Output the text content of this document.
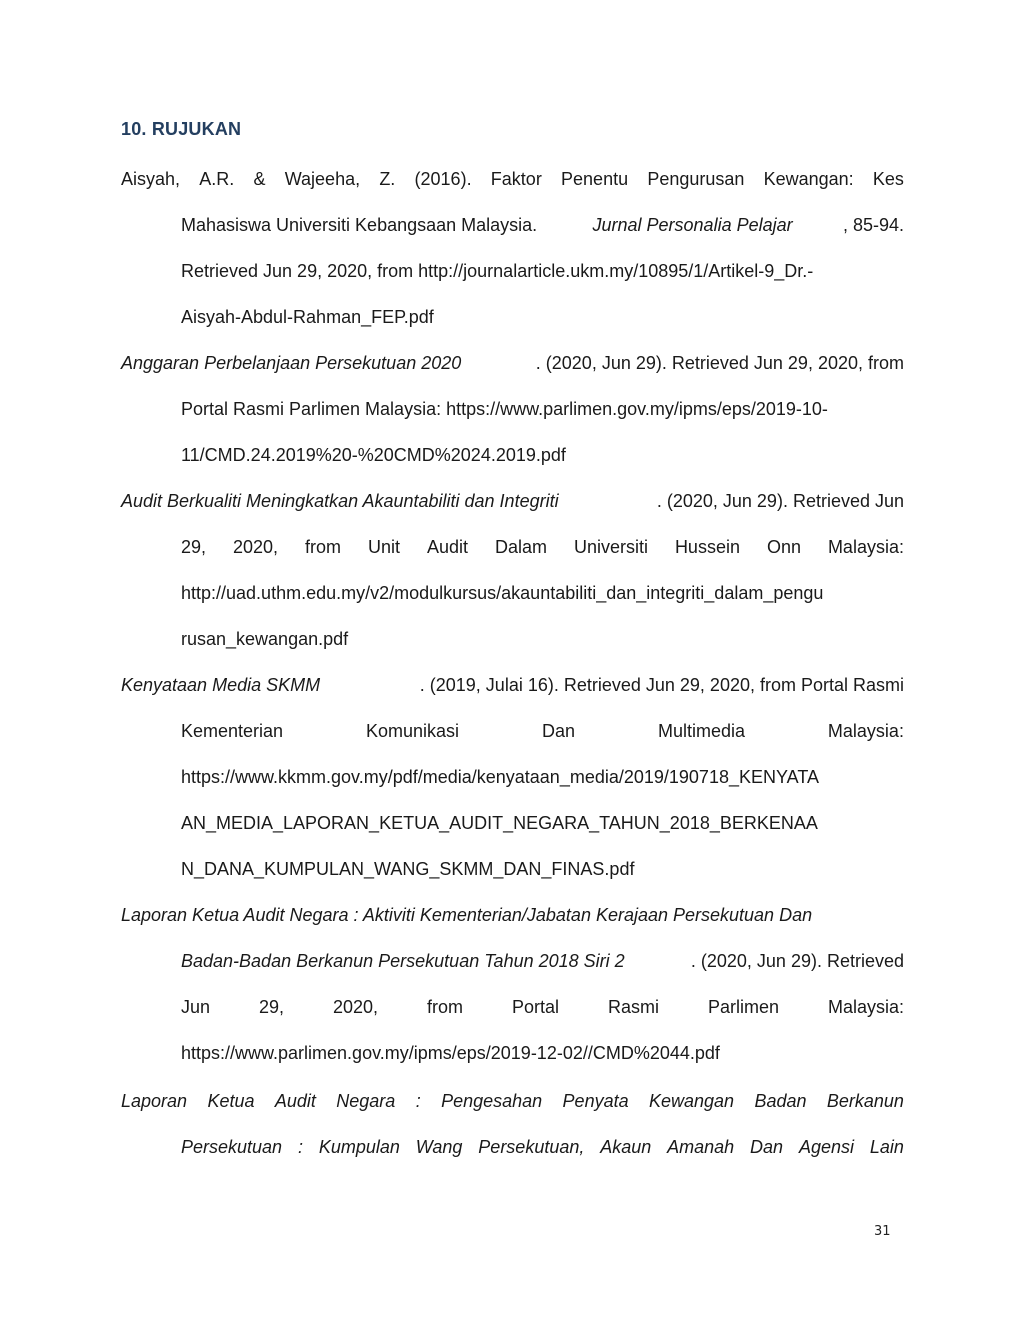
10. RUJUKAN
Aisyah, A.R. & Wajeeha, Z. (2016). Faktor Penentu Pengurusan Kewangan: Kes
Mahasiswa Universiti Kebangsaan Malaysia.	Jurnal Personalia Pelajar	, 85-94.
Retrieved Jun 29, 2020, from http://journalarticle.ukm.my/10895/1/Artikel-9_Dr.-
Aisyah-Abdul-Rahman_FEP.pdf
Anggaran Perbelanjaan Persekutuan 2020	. (2020, Jun 29). Retrieved Jun 29, 2020, from
Portal Rasmi Parlimen Malaysia: https://www.parlimen.gov.my/ipms/eps/2019-10-
11/CMD.24.2019%20-%20CMD%2024.2019.pdf
Audit Berkualiti Meningkatkan Akauntabiliti dan Integriti	. (2020, Jun 29). Retrieved Jun
29, 2020, from Unit Audit Dalam Universiti Hussein Onn Malaysia:
http://uad.uthm.edu.my/v2/modulkursus/akauntabiliti_dan_integriti_dalam_pengu
rusan_kewangan.pdf
Kenyataan Media SKMM	. (2019, Julai 16). Retrieved Jun 29, 2020, from Portal Rasmi
Kementerian	Komunikasi	Dan	Multimedia	Malaysia:
https://www.kkmm.gov.my/pdf/media/kenyataan_media/2019/190718_KENYATA
AN_MEDIA_LAPORAN_KETUA_AUDIT_NEGARA_TAHUN_2018_BERKENAA
N_DANA_KUMPULAN_WANG_SKMM_DAN_FINAS.pdf
Laporan Ketua Audit Negara : Aktiviti Kementerian/Jabatan Kerajaan Persekutuan Dan
Badan-Badan Berkanun Persekutuan Tahun 2018 Siri 2	. (2020, Jun 29). Retrieved
Jun	29,	2020,	from	Portal	Rasmi	Parlimen	Malaysia:
https://www.parlimen.gov.my/ipms/eps/2019-12-02//CMD%2044.pdf
Laporan Ketua Audit Negara : Pengesahan Penyata Kewangan Badan Berkanun
Persekutuan : Kumpulan Wang Persekutuan, Akaun Amanah Dan Agensi Lain
31
